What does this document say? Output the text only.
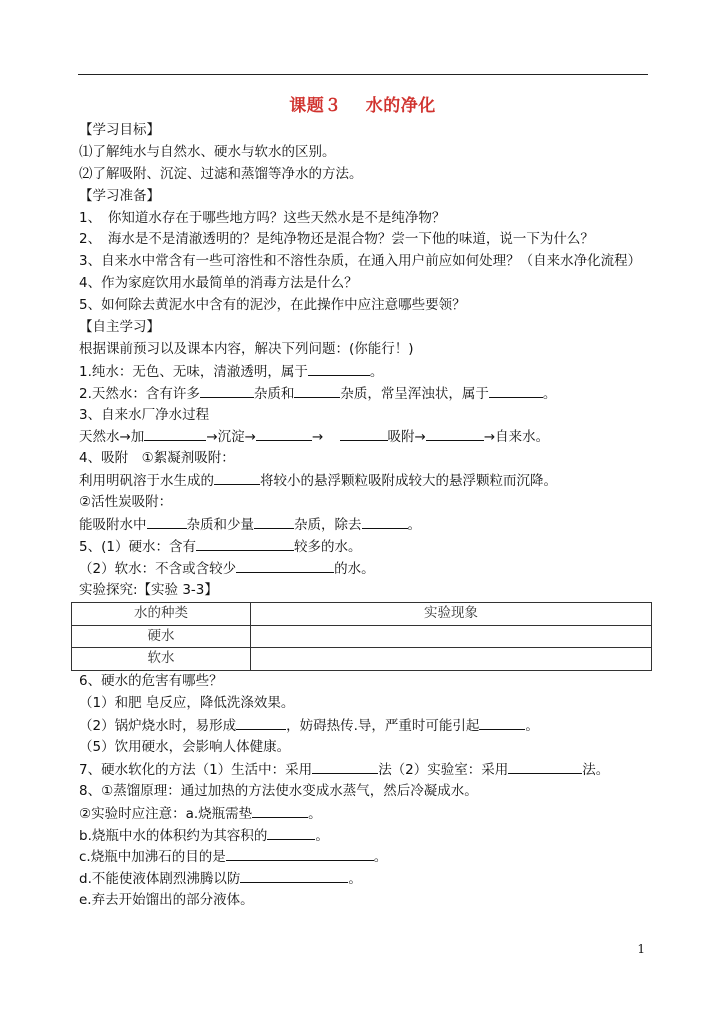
课题３ 水的净化
【学习目标】
⑴了解纯水与自然水、硬水与软水的区别。
⑵了解吸附、沉淀、过滤和蒸馏等净水的方法。
【学习准备】
1、　你知道水存在于哪些地方吗？这些天然水是不是纯净物？
2、　海水是不是清澈透明的？是纯净物还是混合物？尝一下他的味道，说一下为什么？
3、自来水中常含有一些可溶性和不溶性杂质，在通入用户前应如何处理？（自来水净化流程）
4、作为家庭饮用水最简单的消毒方法是什么？
5、如何除去黄泥水中含有的泥沙，在此操作中应注意哪些要领？
【自主学习】
根据课前预习以及课本内容，解决下列问题：(你能行！)
1.纯水：无色、无味，清澈透明，属于	。
2.天然水：含有许多	杂质和	杂质，常呈浑浊状，属于	。
3、自来水厂净水过程
天然水→加	→沉淀→	→	吸附→	→自来水。
4、吸附　①絮凝剂吸附：
利用明矾溶于水生成的	将较小的悬浮颗粒吸附成较大的悬浮颗粒而沉降。
②活性炭吸附：
能吸附水中	杂质和少量	杂质，除去	。
5、(1）硬水：含有	较多的水。
（2）软水：不含或含较少	的水。
实验探究:【实验 3-3】
水的种类	实验现象
硬水	
软水	
6、硬水的危害有哪些？
（1）和肥 皂反应，降低洗涤效果。
（2）锅炉烧水时，易形成	，妨碍热传.导，严重时可能引起	。
（5）饮用硬水，会影响人体健康。
7、硬水软化的方法（1）生活中：采用	法（2）实验室：采用	法。
8、①蒸馏原理：通过加热的方法使水变成水蒸气，然后冷凝成水。
②实验时应注意：a.烧瓶需垫	。
b.烧瓶中水的体积约为其容积的	。
c.烧瓶中加沸石的目的是	。
d.不能使液体剧烈沸腾以防	。
e.弃去开始馏出的部分液体。
1
